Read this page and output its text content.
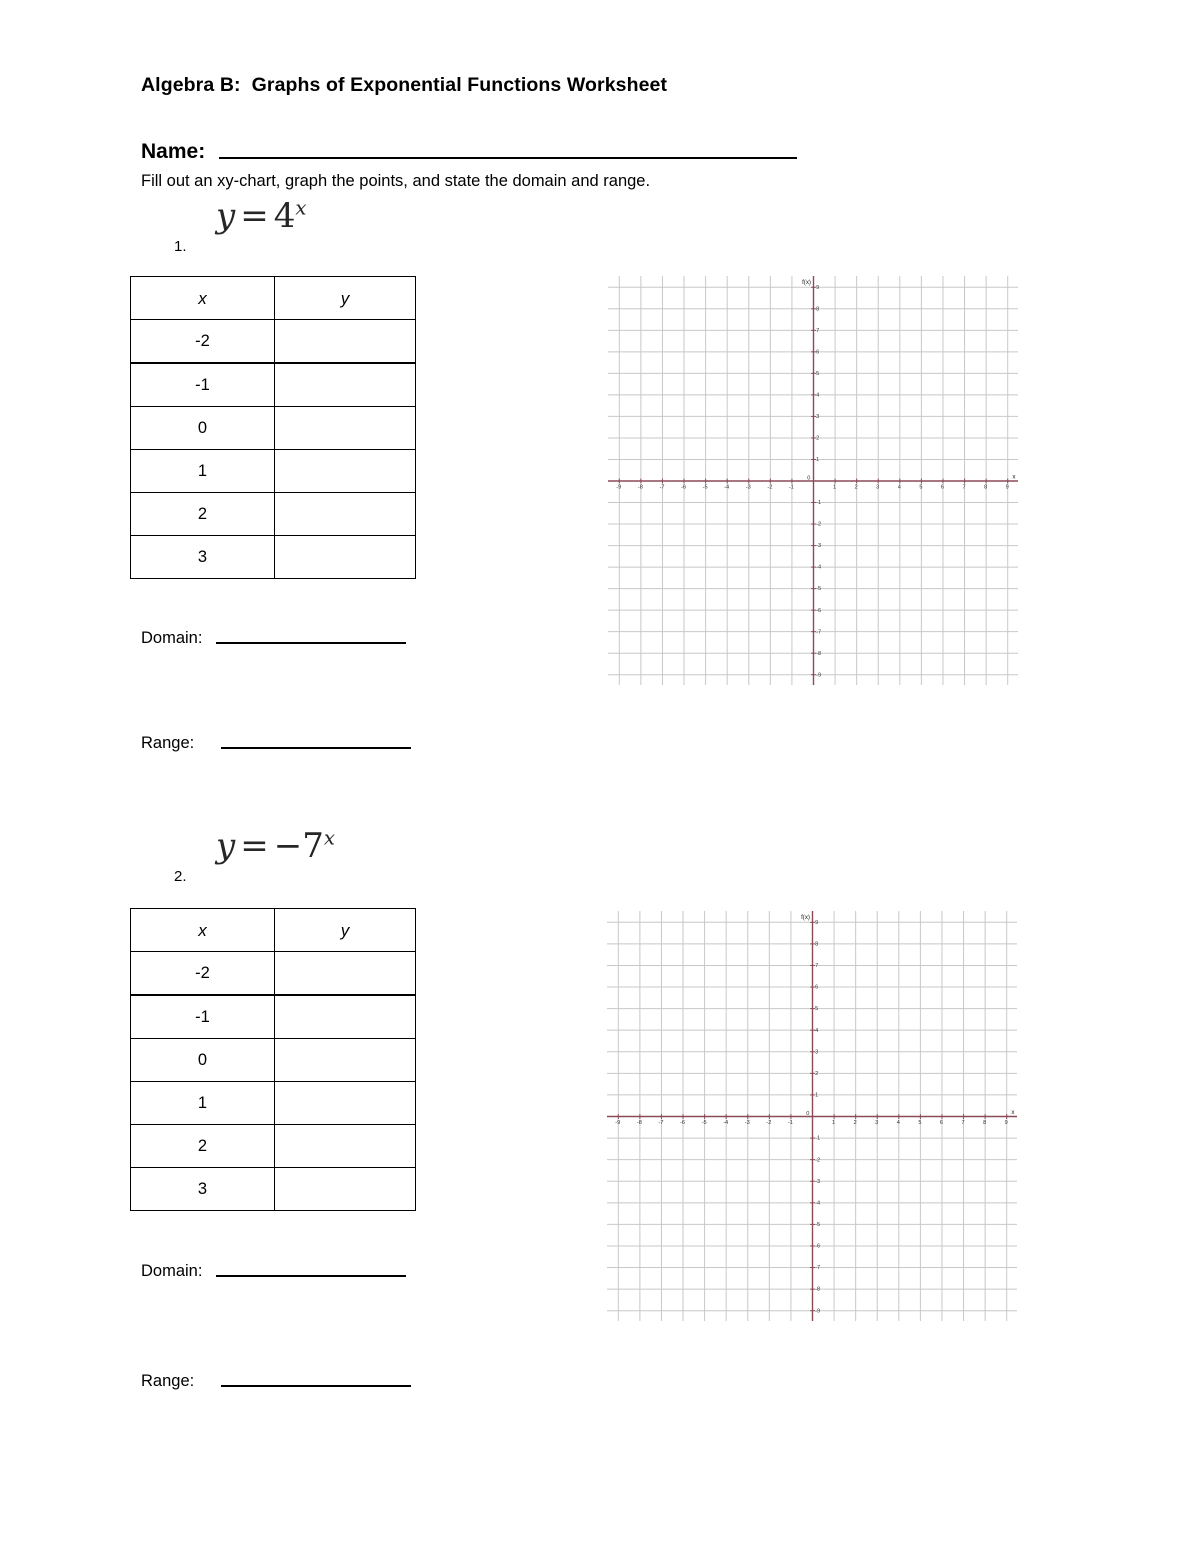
Algebra B:  Graphs of Exponential Functions Worksheet
Name:
Fill out an xy-chart, graph the points, and state the domain and range.
1.
$y = 4^x$
x	y
-2	
-1	
0	
1	
2	
3	
Domain:
Range:
2.
$y = -7^x$
x	y
-2	
-1	
0	
1	
2	
3	
Domain:
Range:
-9	-8	-7	-6	-5	-4	-3	-2	-1
0
1	2	3	4	5	6	7	8	9
-9
-8
-7
-6
-5
-4
-3
-2
-1
1
2
3
4
5
6
7
8
9
f(x)
x
-9	-8	-7	-6	-5	-4	-3	-2	-1
0
1	2	3	4	5	6	7	8	9
-9
-8
-7
-6
-5
-4
-3
-2
-1
1
2
3
4
5
6
7
8
9
f(x)
x
